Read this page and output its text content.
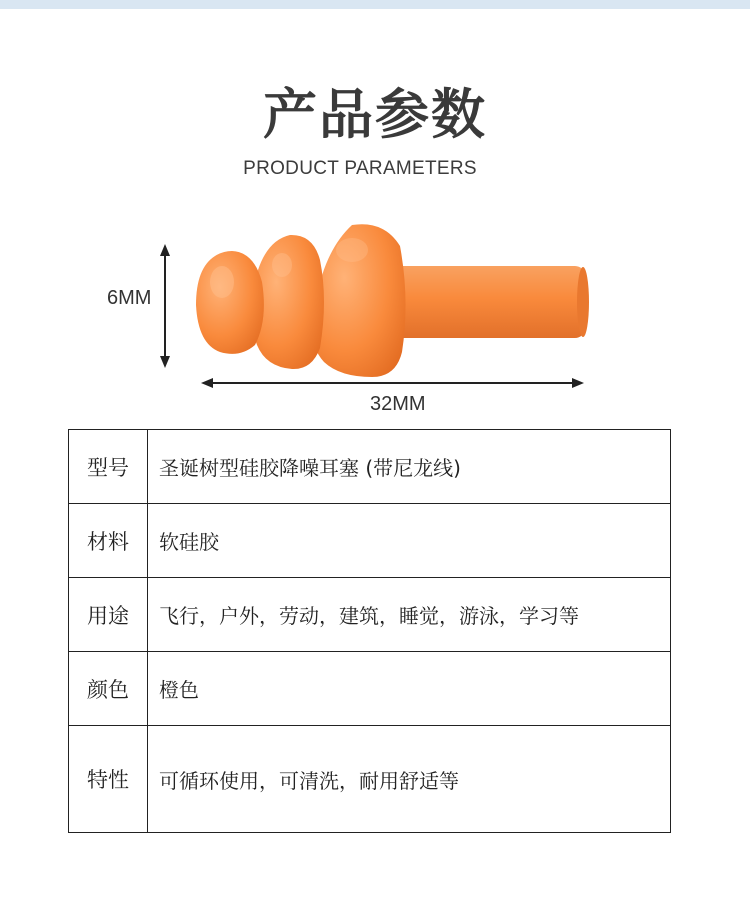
产品参数
PRODUCT PARAMETERS
6MM
32MM
型号	圣诞树型硅胶降噪耳塞 (带尼龙线)
材料	软硅胶
用途	飞行，户外，劳动，建筑，睡觉，游泳，学习等
颜色	橙色
特性	可循环使用，可清洗，耐用舒适等
